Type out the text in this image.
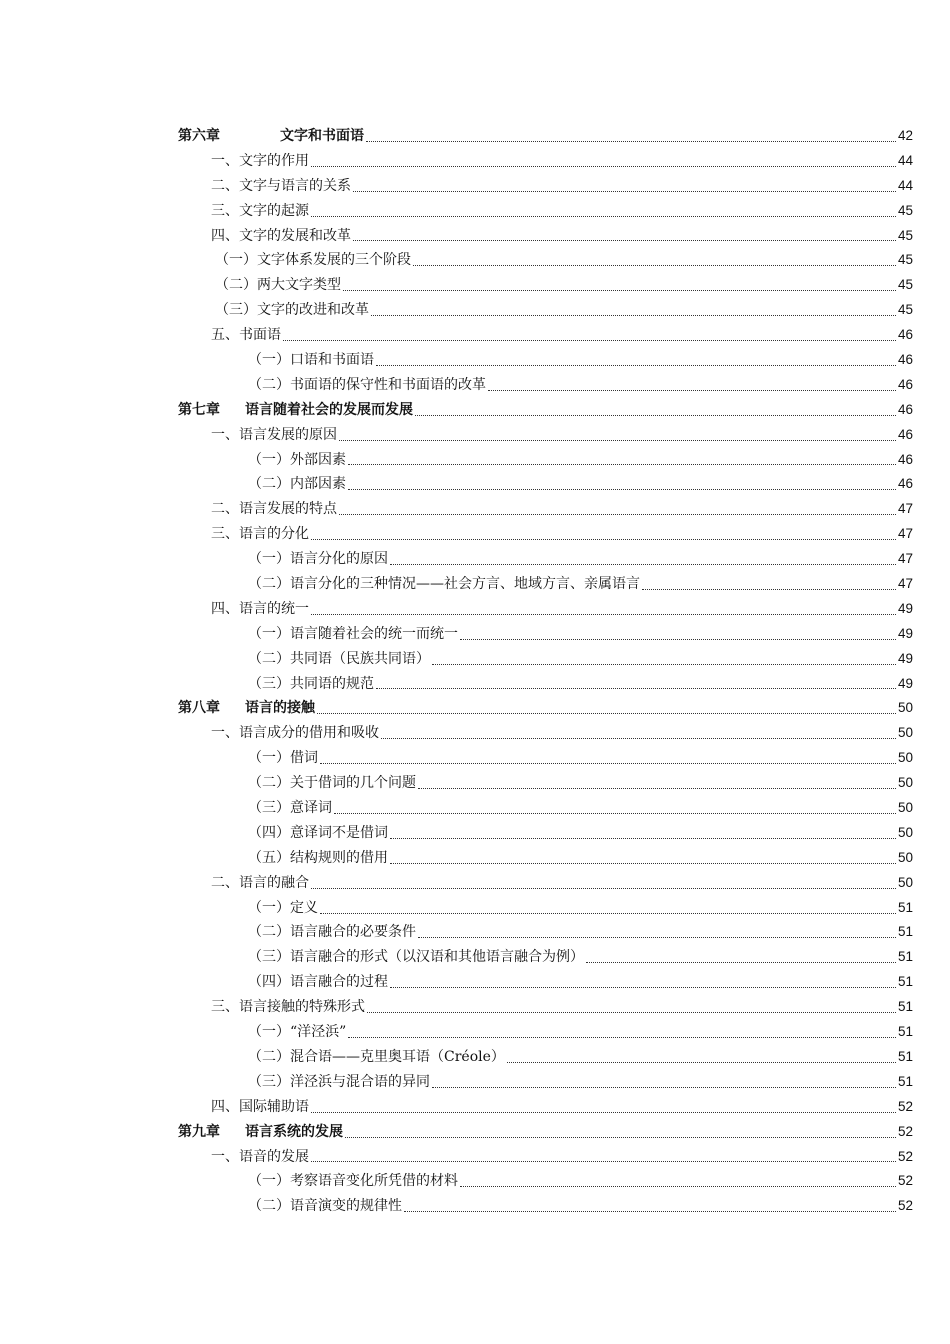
第六章	文字和书面语	42
一、文字的作用	44
二、文字与语言的关系	44
三、文字的起源	45
四、文字的发展和改革	45
（一）文字体系发展的三个阶段	45
（二）两大文字类型	45
（三）文字的改进和改革	45
五、书面语	46
（一）口语和书面语	46
（二）书面语的保守性和书面语的改革	46
第七章	语言随着社会的发展而发展	46
一、语言发展的原因	46
（一）外部因素	46
（二）内部因素	46
二、语言发展的特点	47
三、语言的分化	47
（一）语言分化的原因	47
（二）语言分化的三种情况——社会方言、地域方言、亲属语言	47
四、语言的统一	49
（一）语言随着社会的统一而统一	49
（二）共同语（民族共同语）	49
（三）共同语的规范	49
第八章	语言的接触	50
一、语言成分的借用和吸收	50
（一）借词	50
（二）关于借词的几个问题	50
（三）意译词	50
（四）意译词不是借词	50
（五）结构规则的借用	50
二、语言的融合	50
（一）定义	51
（二）语言融合的必要条件	51
（三）语言融合的形式（以汉语和其他语言融合为例）	51
（四）语言融合的过程	51
三、语言接触的特殊形式	51
（一）“洋泾浜”	51
（二）混合语——克里奥耳语（Créole）	51
（三）洋泾浜与混合语的异同	51
四、国际辅助语	52
第九章	语言系统的发展	52
一、语音的发展	52
（一）考察语音变化所凭借的材料	52
（二）语音演变的规律性	52
